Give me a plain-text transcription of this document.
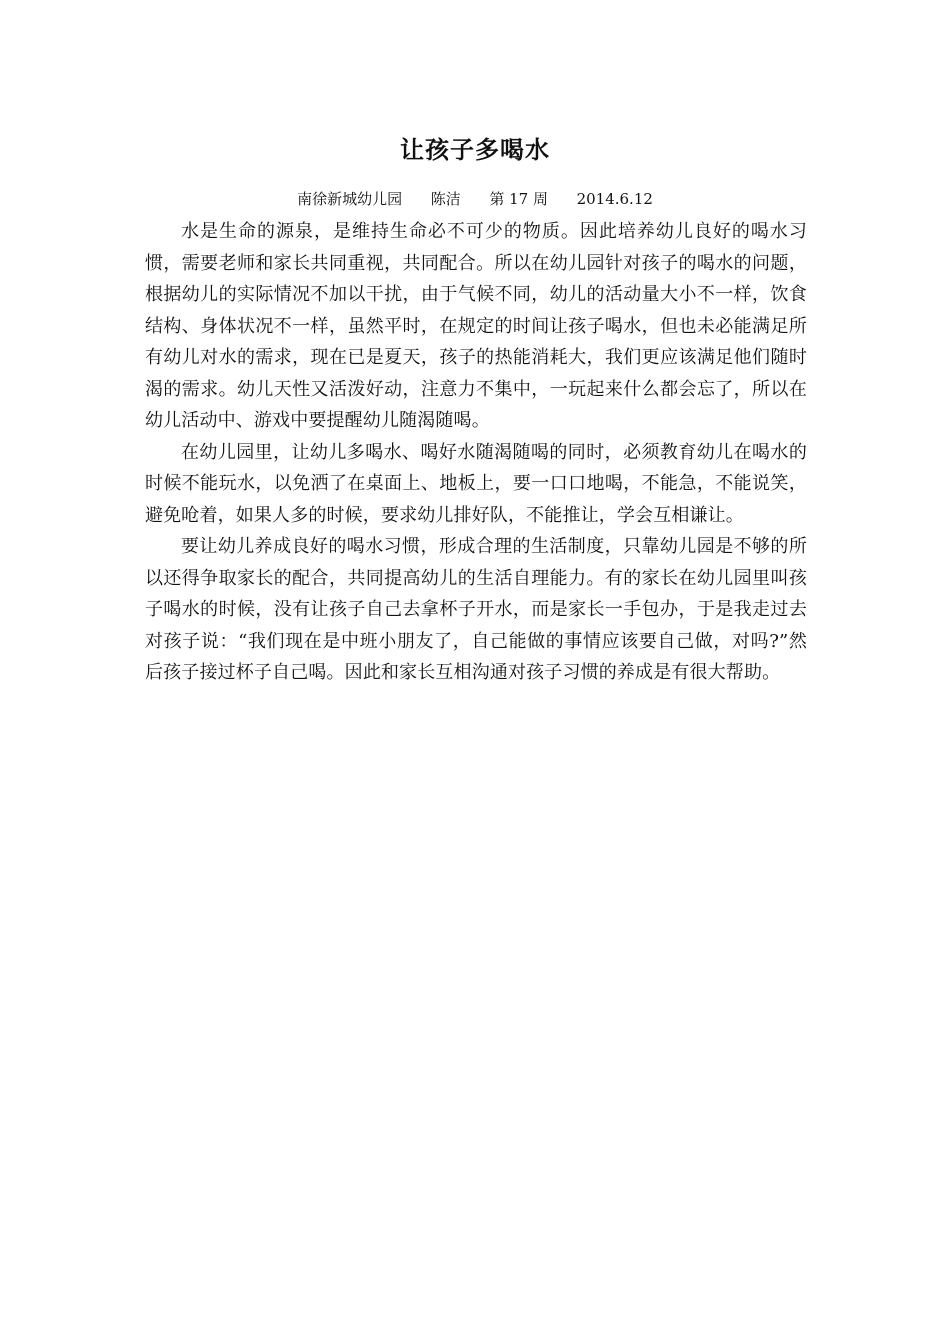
让孩子多喝水
南徐新城幼儿园 陈洁 第 17 周 2014.6.12

水是生命的源泉，是维持生命必不可少的物质。因此培养幼儿良好的喝水习惯，需要老师和家长共同重视，共同配合。所以在幼儿园针对孩子的喝水的问题，根据幼儿的实际情况不加以干扰，由于气候不同，幼儿的活动量大小不一样，饮食结构、身体状况不一样，虽然平时，在规定的时间让孩子喝水，但也未必能满足所有幼儿对水的需求，现在已是夏天，孩子的热能消耗大，我们更应该满足他们随时渴的需求。幼儿天性又活泼好动，注意力不集中，一玩起来什么都会忘了，所以在幼儿活动中、游戏中要提醒幼儿随渴随喝。

在幼儿园里，让幼儿多喝水、喝好水随渴随喝的同时，必须教育幼儿在喝水的时候不能玩水，以免洒了在桌面上、地板上，要一口口地喝，不能急，不能说笑，避免呛着，如果人多的时候，要求幼儿排好队，不能推让，学会互相谦让。

要让幼儿养成良好的喝水习惯，形成合理的生活制度，只靠幼儿园是不够的所以还得争取家长的配合，共同提高幼儿的生活自理能力。有的家长在幼儿园里叫孩子喝水的时候，没有让孩子自己去拿杯子开水，而是家长一手包办，于是我走过去对孩子说：“我们现在是中班小朋友了，自己能做的事情应该要自己做，对吗?”然后孩子接过杯子自己喝。因此和家长互相沟通对孩子习惯的养成是有很大帮助。
